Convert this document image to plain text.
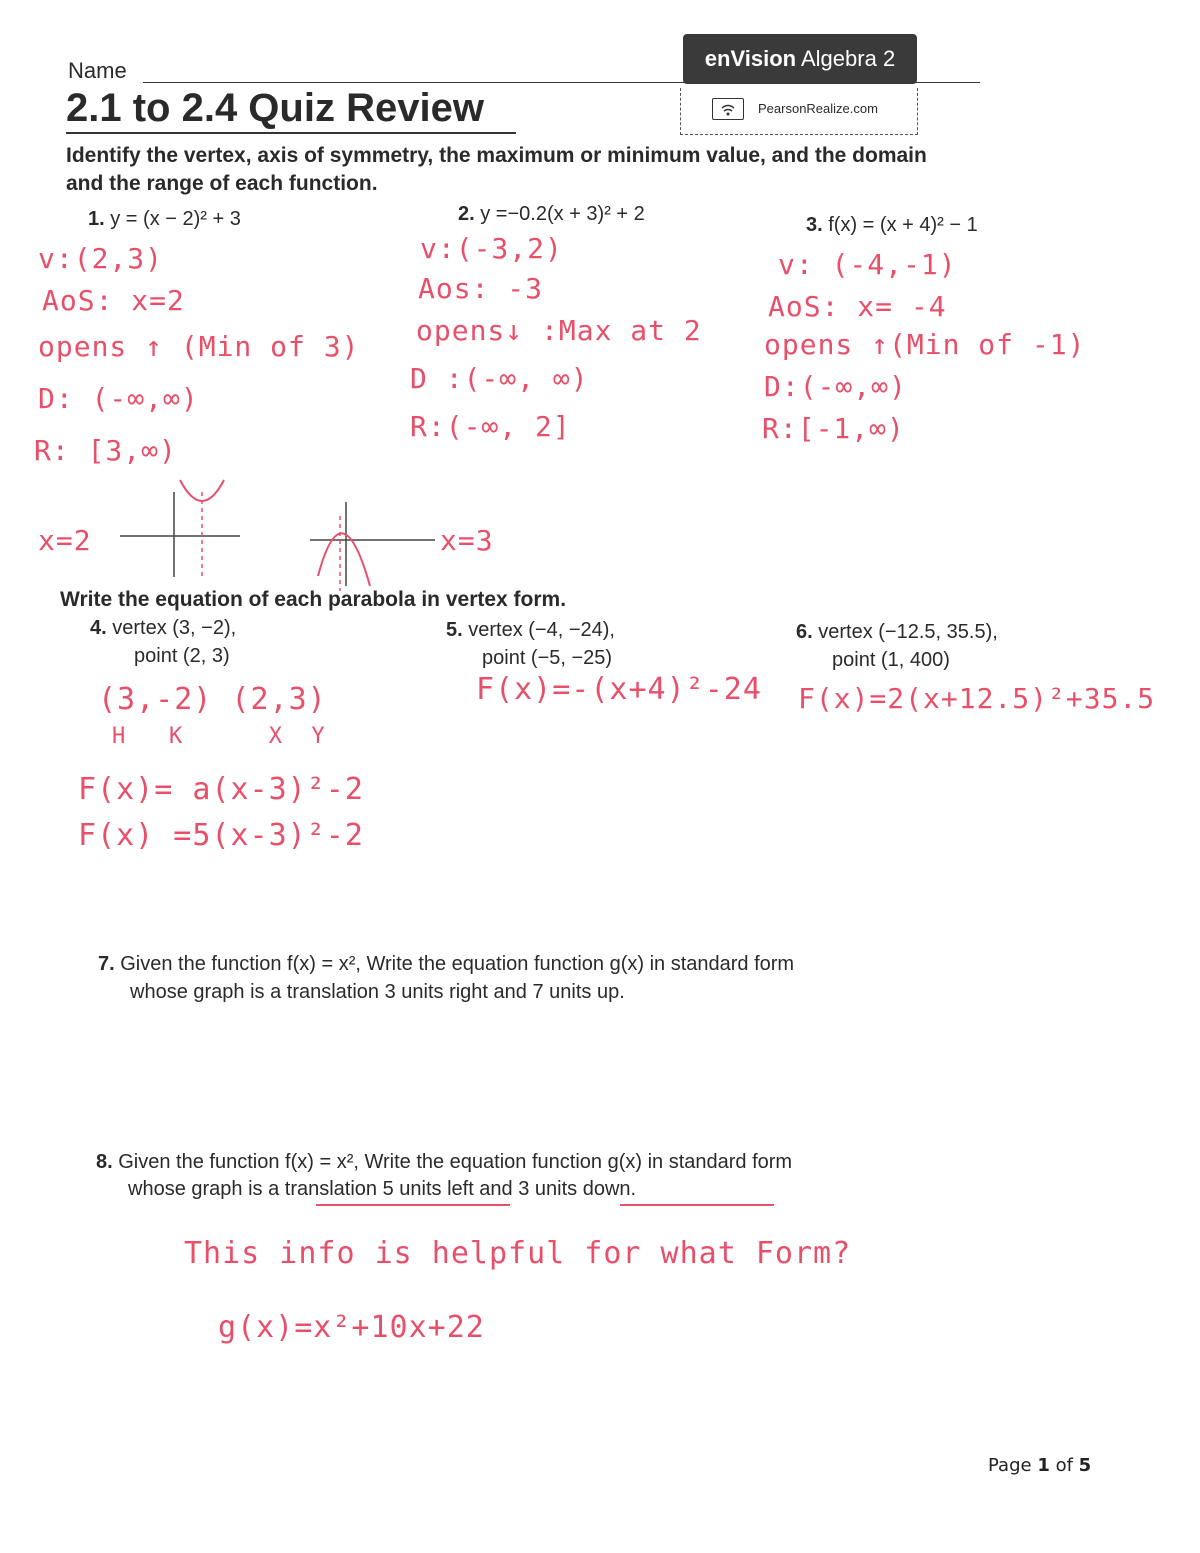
Name
2.1 to 2.4 Quiz Review
enVision Algebra 2
PearsonRealize.com
Identify the vertex, axis of symmetry, the maximum or minimum value, and the domain and the range of each function.
1. y = (x − 2)² + 3
v:(2,3)
AoS: x=2
opens ↑ (Min of 3)
D: (-∞,∞)
R: [3,∞)
x=2
2. y =−0.2(x + 3)² + 2
v:(-3,2)
Aos: -3
opens↓ :Max at 2
D :(-∞, ∞)
R:(-∞, 2]
x=3
3. f(x) = (x + 4)² − 1
v: (-4,-1)
AoS: x= -4
opens ↑(Min of -1)
D:(-∞,∞)
R:[-1,∞)
Write the equation of each parabola in vertex form.
4. vertex (3, −2),
point (2, 3)
(3,-2) (2,3)
H   K      X  Y
F(x)= a(x-3)²-2
F(x) =5(x-3)²-2
5. vertex (−4, −24),
point (−5, −25)
F(x)=-(x+4)²-24
6. vertex (−12.5, 35.5),
point (1, 400)
F(x)=2(x+12.5)²+35.5
7. Given the function f(x) = x², Write the equation function g(x) in standard form
whose graph is a translation 3 units right and 7 units up.
8. Given the function f(x) = x², Write the equation function g(x) in standard form
whose graph is a translation 5 units left and 3 units down.
This info is helpful for what Form?
g(x)=x²+10x+22
Page 1 of 5
